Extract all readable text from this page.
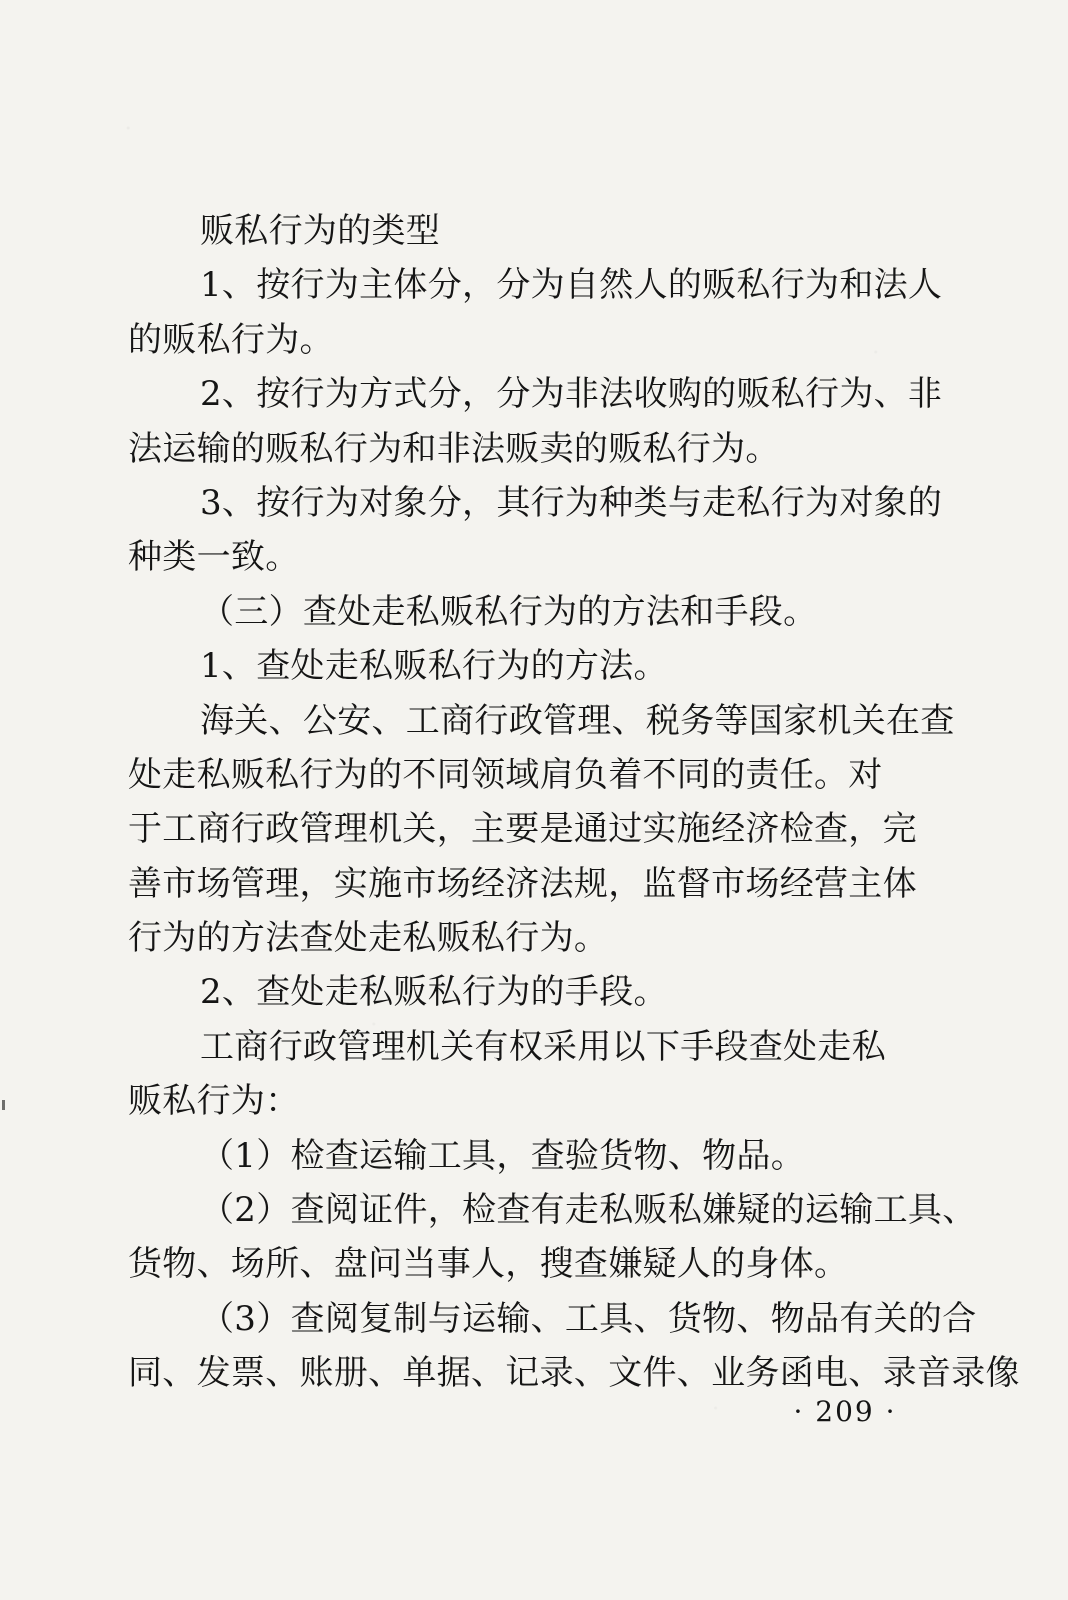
贩私行为的类型
1、按行为主体分，分为自然人的贩私行为和法人
的贩私行为。
2、按行为方式分，分为非法收购的贩私行为、非
法运输的贩私行为和非法贩卖的贩私行为。
3、按行为对象分，其行为种类与走私行为对象的
种类一致。
（三）查处走私贩私行为的方法和手段。
1、查处走私贩私行为的方法。
海关、公安、工商行政管理、税务等国家机关在查
处走私贩私行为的不同领域肩负着不同的责任。对
于工商行政管理机关，主要是通过实施经济检查，完
善市场管理，实施市场经济法规，监督市场经营主体
行为的方法查处走私贩私行为。
2、查处走私贩私行为的手段。
工商行政管理机关有权采用以下手段查处走私
贩私行为：
（1）检查运输工具，查验货物、物品。
（2）查阅证件，检查有走私贩私嫌疑的运输工具、
货物、场所、盘问当事人，搜查嫌疑人的身体。
（3）查阅复制与运输、工具、货物、物品有关的合
同、发票、账册、单据、记录、文件、业务函电、录音录像
· 209 ·
